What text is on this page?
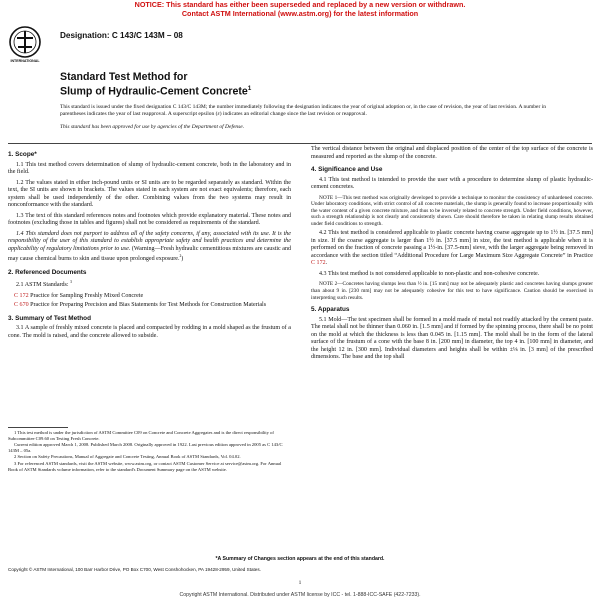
NOTICE: This standard has either been superseded and replaced by a new version or withdrawn.
Contact ASTM International (www.astm.org) for the latest information
INTERNATIONAL
Designation: C 143/C 143M – 08
Standard Test Method for
Slump of Hydraulic-Cement Concrete$^1$

This standard is issued under the fixed designation C 143/C 143M; the number immediately following the designation indicates the year of original adoption or, in the case of revision, the year of last revision. A number in parentheses indicates the year of last reapproval. A superscript epsilon (ε) indicates an editorial change since the last revision or reapproval.

This standard has been approved for use by agencies of the Department of Defense.

1. Scope*

1.1 This test method covers determination of slump of hydraulic-cement concrete, both in the laboratory and in the field.

1.2 The values stated in either inch-pound units or SI units are to be regarded separately as standard. Within the text, the SI units are shown in brackets. The values stated in each system are not exact equivalents; therefore, each system shall be used independently of the other. Combining values from the two systems may result in nonconformance with the standard.

1.3 The text of this standard references notes and footnotes which provide explanatory material. These notes and footnotes (excluding those in tables and figures) shall not be considered as requirements of the standard.

1.4 This standard does not purport to address all of the safety concerns, if any, associated with its use. It is the responsibility of the user of this standard to establish appropriate safety and health practices and determine the applicability of regulatory limitations prior to use. (Warning—Fresh hydraulic cementitious mixtures are caustic and may cause chemical burns to skin and tissue upon prolonged exposure.$^2$)

2. Referenced Documents

2.1 ASTM Standards: $^3$

C 172 Practice for Sampling Freshly Mixed Concrete
C 670 Practice for Preparing Precision and Bias Statements for Test Methods for Construction Materials
3. Summary of Test Method

3.1 A sample of freshly mixed concrete is placed and compacted by rodding in a mold shaped as the frustum of a cone. The mold is raised, and the concrete allowed to subside.

1 This test method is under the jurisdiction of ASTM Committee C09 on Concrete and Concrete Aggregates and is the direct responsibility of Subcommittee C09.60 on Testing Fresh Concrete.

Current edition approved March 1, 2008. Published March 2008. Originally approved in 1922. Last previous edition approved in 2005 as C 143/C 143M – 05a.

2 Section on Safety Precautions, Manual of Aggregate and Concrete Testing, Annual Book of ASTM Standards, Vol. 04.02.

3 For referenced ASTM standards, visit the ASTM website, www.astm.org, or contact ASTM Customer Service at service@astm.org. For Annual Book of ASTM Standards volume information, refer to the standard's Document Summary page on the ASTM website.

The vertical distance between the original and displaced position of the center of the top surface of the concrete is measured and reported as the slump of the concrete.

4. Significance and Use

4.1 This test method is intended to provide the user with a procedure to determine slump of plastic hydraulic-cement concretes.

NOTE 1—This test method was originally developed to provide a technique to monitor the consistency of unhardened concrete. Under laboratory conditions, with strict control of all concrete materials, the slump is generally found to increase proportionally with the water content of a given concrete mixture, and thus to be inversely related to concrete strength. Under field conditions, however, such a strength relationship is not clearly and consistently shown. Care should therefore be taken in relating slump results obtained under field conditions to strength.

4.2 This test method is considered applicable to plastic concrete having coarse aggregate up to 1½ in. [37.5 mm] in size. If the coarse aggregate is larger than 1½ in. [37.5 mm] in size, the test method is applicable when it is performed on the fraction of concrete passing a 1½-in. [37.5-mm] sieve, with the larger aggregate being removed in accordance with the section titled “Additional Procedure for Large Maximum Size Aggregate Concrete” in Practice C 172.

4.3 This test method is not considered applicable to non-plastic and non-cohesive concrete.

NOTE 2—Concretes having slumps less than ½ in. [15 mm] may not be adequately plastic and concretes having slumps greater than about 9 in. [230 mm] may not be adequately cohesive for this test to have significance. Caution should be exercised in interpreting such results.

5. Apparatus

5.1 Mold—The test specimen shall be formed in a mold made of metal not readily attacked by the cement paste. The metal shall not be thinner than 0.060 in. [1.5 mm] and if formed by the spinning process, there shall be no point on the mold at which the thickness is less than 0.045 in. [1.15 mm]. The mold shall be in the form of the lateral surface of the frustum of a cone with the base 8 in. [200 mm] in diameter, the top 4 in. [100 mm] in diameter, and the height 12 in. [300 mm]. Individual diameters and heights shall be within ±⅛ in. [3 mm] of the prescribed dimensions. The base and the top shall

*A Summary of Changes section appears at the end of this standard.
Copyright © ASTM International, 100 Barr Harbor Drive, PO Box C700, West Conshohocken, PA 19428-2959, United States.
1
Copyright ASTM International. Distributed under ASTM license by ICC - tel. 1-888-ICC-SAFE (422-7233).
